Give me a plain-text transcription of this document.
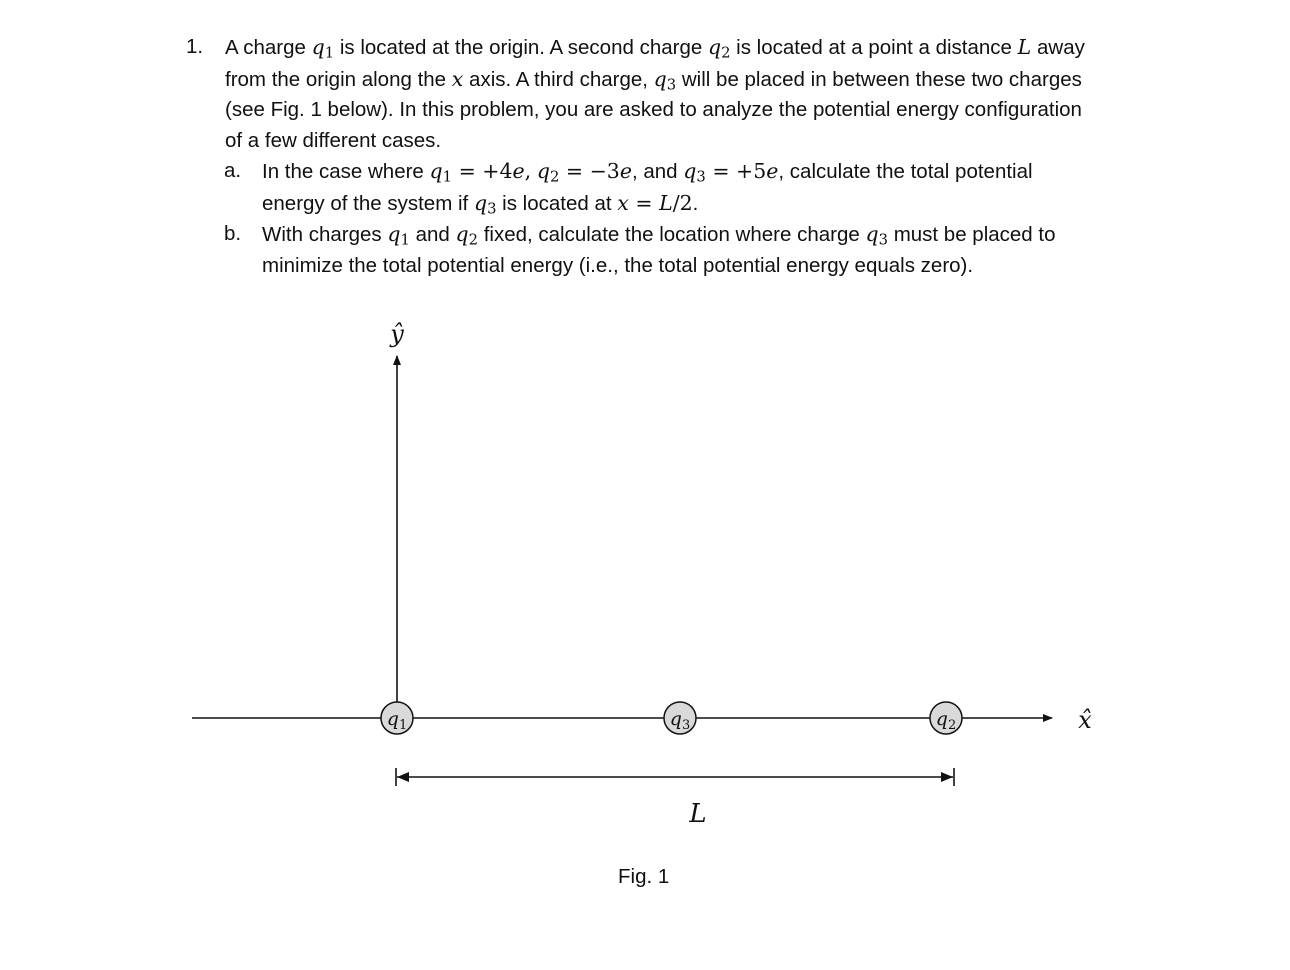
1. A charge $q_1$ is located at the origin. A second charge $q_2$ is located at a point a distance L away
from the origin along the x axis. A third charge, $q_3$ will be placed in between these two charges
(see Fig. 1 below). In this problem, you are asked to analyze the potential energy configuration
of a few different cases.
a. In the case where $q_1 = +4e$, $q_2 = -3e$, and $q_3 = +5e$, calculate the total potential
energy of the system if $q_3$ is located at x = L/2.
b. With charges $q_1$ and $q_2$ fixed, calculate the location where charge $q_3$ must be placed to
minimize the total potential energy (i.e., the total potential energy equals zero).
ŷ
x̂
$q_1$	$q_3$	$q_2$
L
Fig. 1
